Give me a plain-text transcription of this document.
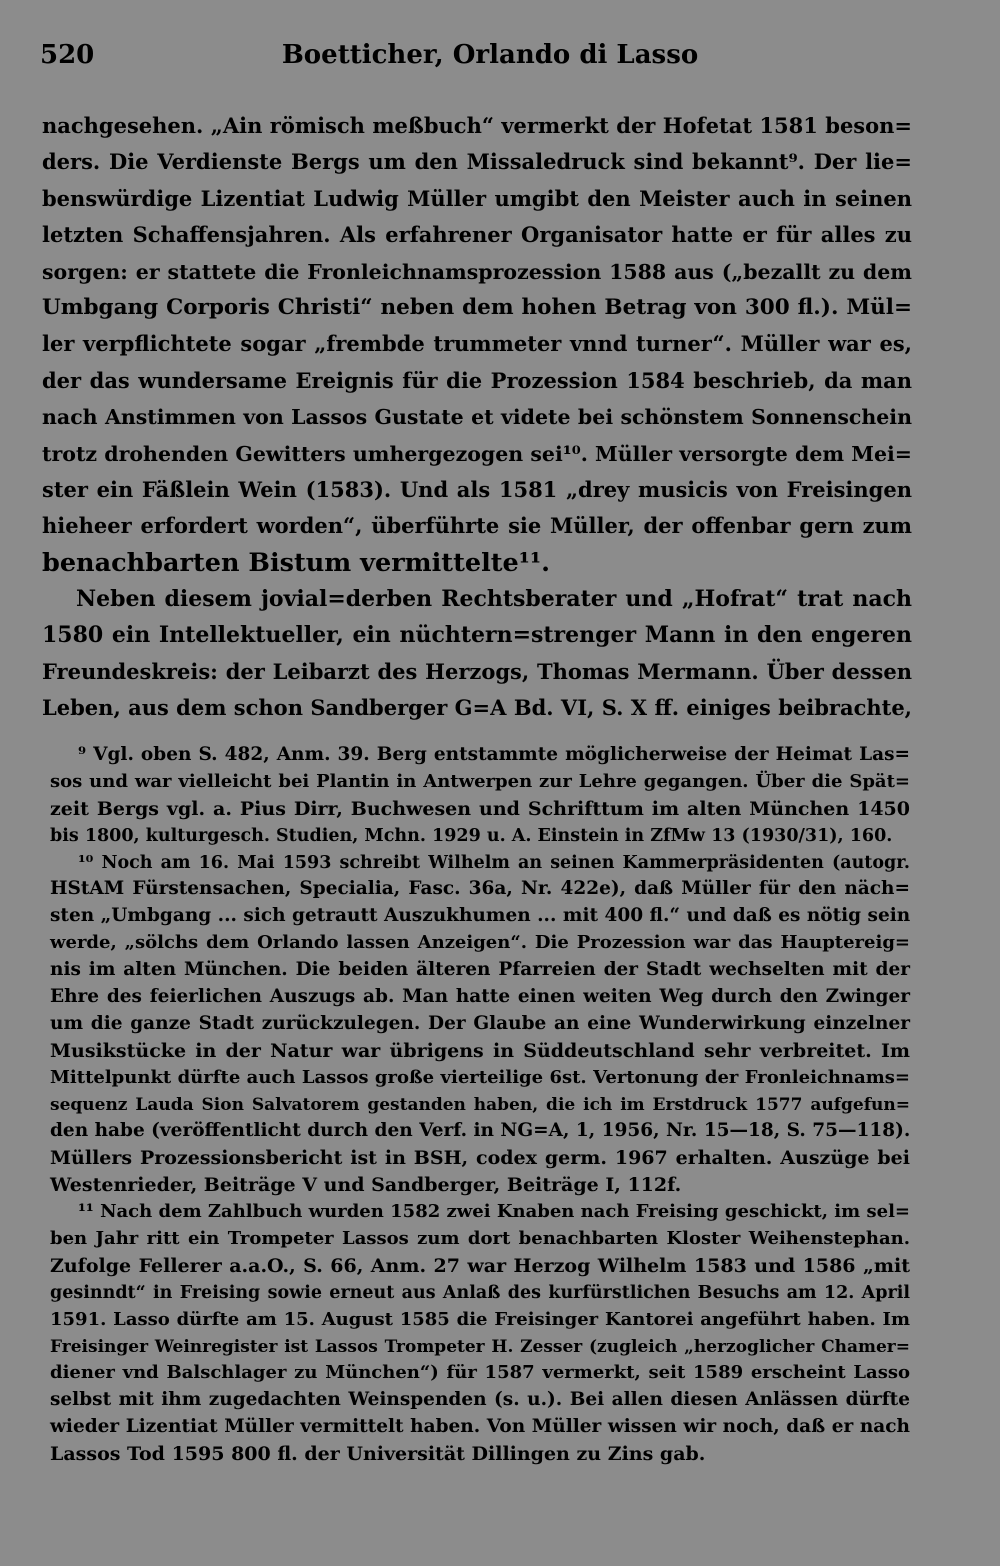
520	Boetticher, Orlando di Lasso
nachgesehen. „Ain römisch meßbuch“ vermerkt der Hofetat 1581 beson=
ders. Die Verdienste Bergs um den Missaledruck sind bekannt⁹. Der lie=
benswürdige Lizentiat Ludwig Müller umgibt den Meister auch in seinen
letzten Schaffensjahren. Als erfahrener Organisator hatte er für alles zu
sorgen: er stattete die Fronleichnamsprozession 1588 aus („bezallt zu dem
Umbgang Corporis Christi“ neben dem hohen Betrag von 300 fl.). Mül=
ler verpflichtete sogar „frembde trummeter vnnd turner“. Müller war es,
der das wundersame Ereignis für die Prozession 1584 beschrieb, da man
nach Anstimmen von Lassos Gustate et videte bei schönstem Sonnenschein
trotz drohenden Gewitters umhergezogen sei¹⁰. Müller versorgte dem Mei=
ster ein Fäßlein Wein (1583). Und als 1581 „drey musicis von Freisingen
hieheer erfordert worden“, überführte sie Müller, der offenbar gern zum
benachbarten Bistum vermittelte¹¹.
Neben diesem jovial=derben Rechtsberater und „Hofrat“ trat nach
1580 ein Intellektueller, ein nüchtern=strenger Mann in den engeren
Freundeskreis: der Leibarzt des Herzogs, Thomas Mermann. Über dessen
Leben, aus dem schon Sandberger G=A Bd. VI, S. X ff. einiges beibrachte,
⁹ Vgl. oben S. 482, Anm. 39. Berg entstammte möglicherweise der Heimat Las=
sos und war vielleicht bei Plantin in Antwerpen zur Lehre gegangen. Über die Spät=
zeit Bergs vgl. a. Pius Dirr, Buchwesen und Schrifttum im alten München 1450
bis 1800, kulturgesch. Studien, Mchn. 1929 u. A. Einstein in ZfMw 13 (1930/31), 160.
¹⁰ Noch am 16. Mai 1593 schreibt Wilhelm an seinen Kammerpräsidenten (autogr.
HStAM Fürstensachen, Specialia, Fasc. 36a, Nr. 422e), daß Müller für den näch=
sten „Umbgang ... sich getrautt Auszukhumen ... mit 400 fl.“ und daß es nötig sein
werde, „sölchs dem Orlando lassen Anzeigen“. Die Prozession war das Hauptereig=
nis im alten München. Die beiden älteren Pfarreien der Stadt wechselten mit der
Ehre des feierlichen Auszugs ab. Man hatte einen weiten Weg durch den Zwinger
um die ganze Stadt zurückzulegen. Der Glaube an eine Wunderwirkung einzelner
Musikstücke in der Natur war übrigens in Süddeutschland sehr verbreitet. Im
Mittelpunkt dürfte auch Lassos große vierteilige 6st. Vertonung der Fronleichnams=
sequenz Lauda Sion Salvatorem gestanden haben, die ich im Erstdruck 1577 aufgefun=
den habe (veröffentlicht durch den Verf. in NG=A, 1, 1956, Nr. 15—18, S. 75—118).
Müllers Prozessionsbericht ist in BSH, codex germ. 1967 erhalten. Auszüge bei
Westenrieder, Beiträge V und Sandberger, Beiträge I, 112f.
¹¹ Nach dem Zahlbuch wurden 1582 zwei Knaben nach Freising geschickt, im sel=
ben Jahr ritt ein Trompeter Lassos zum dort benachbarten Kloster Weihenstephan.
Zufolge Fellerer a.a.O., S. 66, Anm. 27 war Herzog Wilhelm 1583 und 1586 „mit
gesinndt“ in Freising sowie erneut aus Anlaß des kurfürstlichen Besuchs am 12. April
1591. Lasso dürfte am 15. August 1585 die Freisinger Kantorei angeführt haben. Im
Freisinger Weinregister ist Lassos Trompeter H. Zesser (zugleich „herzoglicher Chamer=
diener vnd Balschlager zu München“) für 1587 vermerkt, seit 1589 erscheint Lasso
selbst mit ihm zugedachten Weinspenden (s. u.). Bei allen diesen Anlässen dürfte
wieder Lizentiat Müller vermittelt haben. Von Müller wissen wir noch, daß er nach
Lassos Tod 1595 800 fl. der Universität Dillingen zu Zins gab.
